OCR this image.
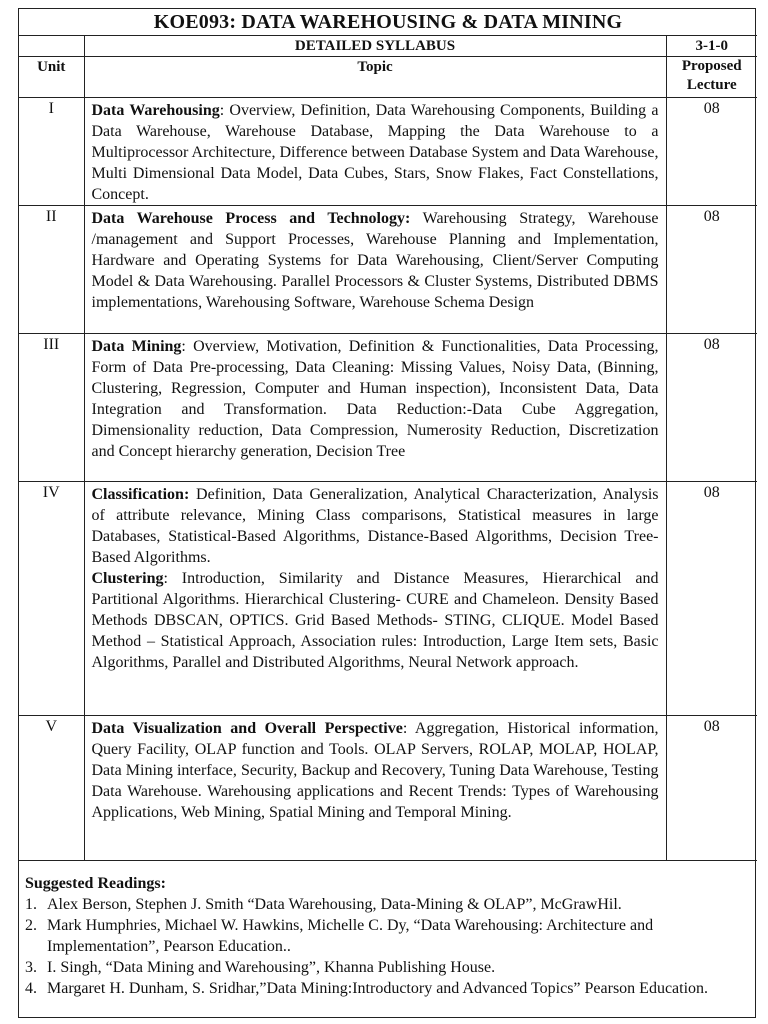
KOE093: DATA WAREHOUSING & DATA MINING		
	DETAILED SYLLABUS	3-1-0
Unit	Topic	Proposed Lecture
I	Data Warehousing: Overview, Definition, Data Warehousing Components, Building a Data Warehouse, Warehouse Database, Mapping the Data Warehouse to a Multiprocessor Architecture, Difference between Database System and Data Warehouse, Multi Dimensional Data Model, Data Cubes, Stars, Snow Flakes, Fact Constellations, Concept.	08
II	Data Warehouse Process and Technology: Warehousing Strategy, Warehouse /management and Support Processes, Warehouse Planning and Implementation, Hardware and Operating Systems for Data Warehousing, Client/Server Computing Model & Data Warehousing. Parallel Processors & Cluster Systems, Distributed DBMS implementations, Warehousing Software, Warehouse Schema Design	08
III	Data Mining: Overview, Motivation, Definition & Functionalities, Data Processing, Form of Data Pre-processing, Data Cleaning: Missing Values, Noisy Data, (Binning, Clustering, Regression, Computer and Human inspection), Inconsistent Data, Data Integration and Transformation. Data Reduction:-Data Cube Aggregation, Dimensionality reduction, Data Compression, Numerosity Reduction, Discretization and Concept hierarchy generation, Decision Tree	08
IV	Classification: Definition, Data Generalization, Analytical Characterization, Analysis of attribute relevance, Mining Class comparisons, Statistical measures in large Databases, Statistical-Based Algorithms, Distance-Based Algorithms, Decision Tree-Based Algorithms.

Clustering: Introduction, Similarity and Distance Measures, Hierarchical and Partitional Algorithms. Hierarchical Clustering- CURE and Chameleon. Density Based Methods DBSCAN, OPTICS. Grid Based Methods- STING, CLIQUE. Model Based Method – Statistical Approach, Association rules: Introduction, Large Item sets, Basic Algorithms, Parallel and Distributed Algorithms, Neural Network approach.	08
V	Data Visualization and Overall Perspective: Aggregation, Historical information, Query Facility, OLAP function and Tools. OLAP Servers, ROLAP, MOLAP, HOLAP, Data Mining interface, Security, Backup and Recovery, Tuning Data Warehouse, Testing Data Warehouse. Warehousing applications and Recent Trends: Types of Warehousing Applications, Web Mining, Spatial Mining and Temporal Mining.	08
Suggested Readings:
1. Alex Berson, Stephen J. Smith “Data Warehousing, Data-Mining & OLAP”, McGrawHil.
2. Mark Humphries, Michael W. Hawkins, Michelle C. Dy, “Data Warehousing: Architecture and Implementation”, Pearson Education..
3. I. Singh, “Data Mining and Warehousing”, Khanna Publishing House.
4. Margaret H. Dunham, S. Sridhar,”Data Mining:Introductory and Advanced Topics” Pearson Education.
